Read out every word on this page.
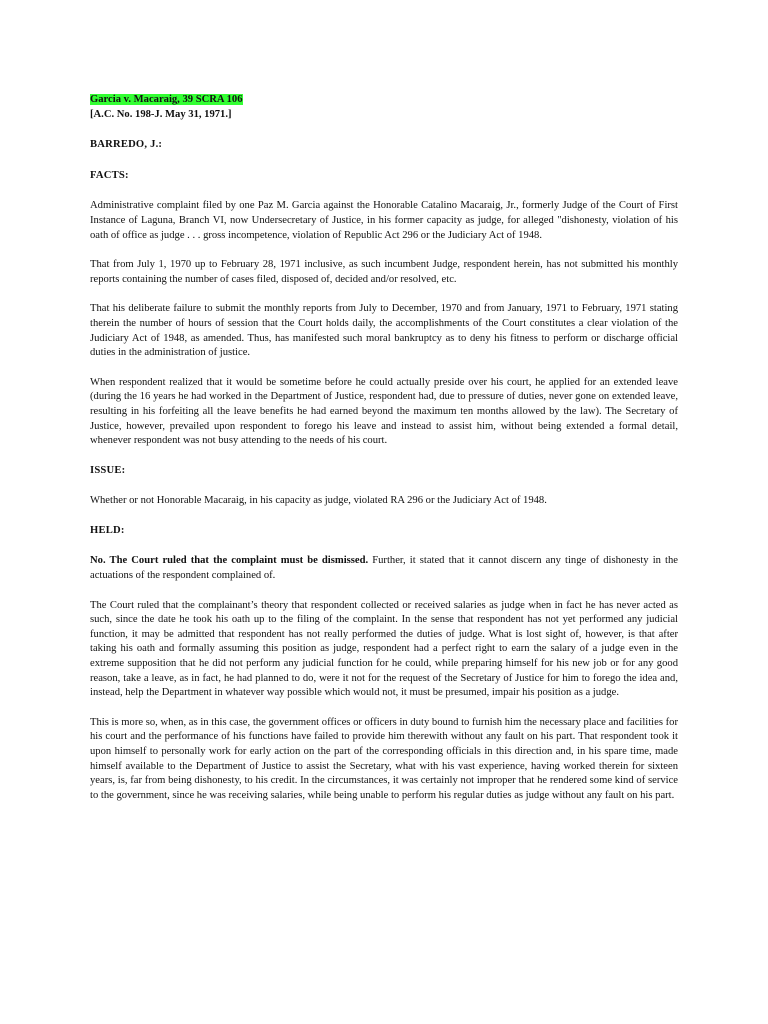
Garcia v. Macaraig, 39 SCRA 106
[A.C. No. 198-J. May 31, 1971.]
BARREDO, J.:
FACTS:

Administrative complaint filed by one Paz M. Garcia against the Honorable Catalino Macaraig, Jr., formerly Judge of the Court of First Instance of Laguna, Branch VI, now Undersecretary of Justice, in his former capacity as judge, for alleged "dishonesty, violation of his oath of office as judge . . . gross incompetence, violation of Republic Act 296 or the Judiciary Act of 1948.

That from July 1, 1970 up to February 28, 1971 inclusive, as such incumbent Judge, respondent herein, has not submitted his monthly reports containing the number of cases filed, disposed of, decided and/or resolved, etc.

That his deliberate failure to submit the monthly reports from July to December, 1970 and from January, 1971 to February, 1971 stating therein the number of hours of session that the Court holds daily, the accomplishments of the Court constitutes a clear violation of the Judiciary Act of 1948, as amended. Thus, has manifested such moral bankruptcy as to deny his fitness to perform or discharge official duties in the administration of justice.

When respondent realized that it would be sometime before he could actually preside over his court, he applied for an extended leave (during the 16 years he had worked in the Department of Justice, respondent had, due to pressure of duties, never gone on extended leave, resulting in his forfeiting all the leave benefits he had earned beyond the maximum ten months allowed by the law). The Secretary of Justice, however, prevailed upon respondent to forego his leave and instead to assist him, without being extended a formal detail, whenever respondent was not busy attending to the needs of his court.

ISSUE:

Whether or not Honorable Macaraig, in his capacity as judge, violated RA 296 or the Judiciary Act of 1948.

HELD:

No. The Court ruled that the complaint must be dismissed. Further, it stated that it cannot discern any tinge of dishonesty in the actuations of the respondent complained of.

The Court ruled that the complainant’s theory that respondent collected or received salaries as judge when in fact he has never acted as such, since the date he took his oath up to the filing of the complaint. In the sense that respondent has not yet performed any judicial function, it may be admitted that respondent has not really performed the duties of judge. What is lost sight of, however, is that after taking his oath and formally assuming this position as judge, respondent had a perfect right to earn the salary of a judge even in the extreme supposition that he did not perform any judicial function for he could, while preparing himself for his new job or for any good reason, take a leave, as in fact, he had planned to do, were it not for the request of the Secretary of Justice for him to forego the idea and, instead, help the Department in whatever way possible which would not, it must be presumed, impair his position as a judge.

This is more so, when, as in this case, the government offices or officers in duty bound to furnish him the necessary place and facilities for his court and the performance of his functions have failed to provide him therewith without any fault on his part. That respondent took it upon himself to personally work for early action on the part of the corresponding officials in this direction and, in his spare time, made himself available to the Department of Justice to assist the Secretary, what with his vast experience, having worked therein for sixteen years, is, far from being dishonesty, to his credit. In the circumstances, it was certainly not improper that he rendered some kind of service to the government, since he was receiving salaries, while being unable to perform his regular duties as judge without any fault on his part.
